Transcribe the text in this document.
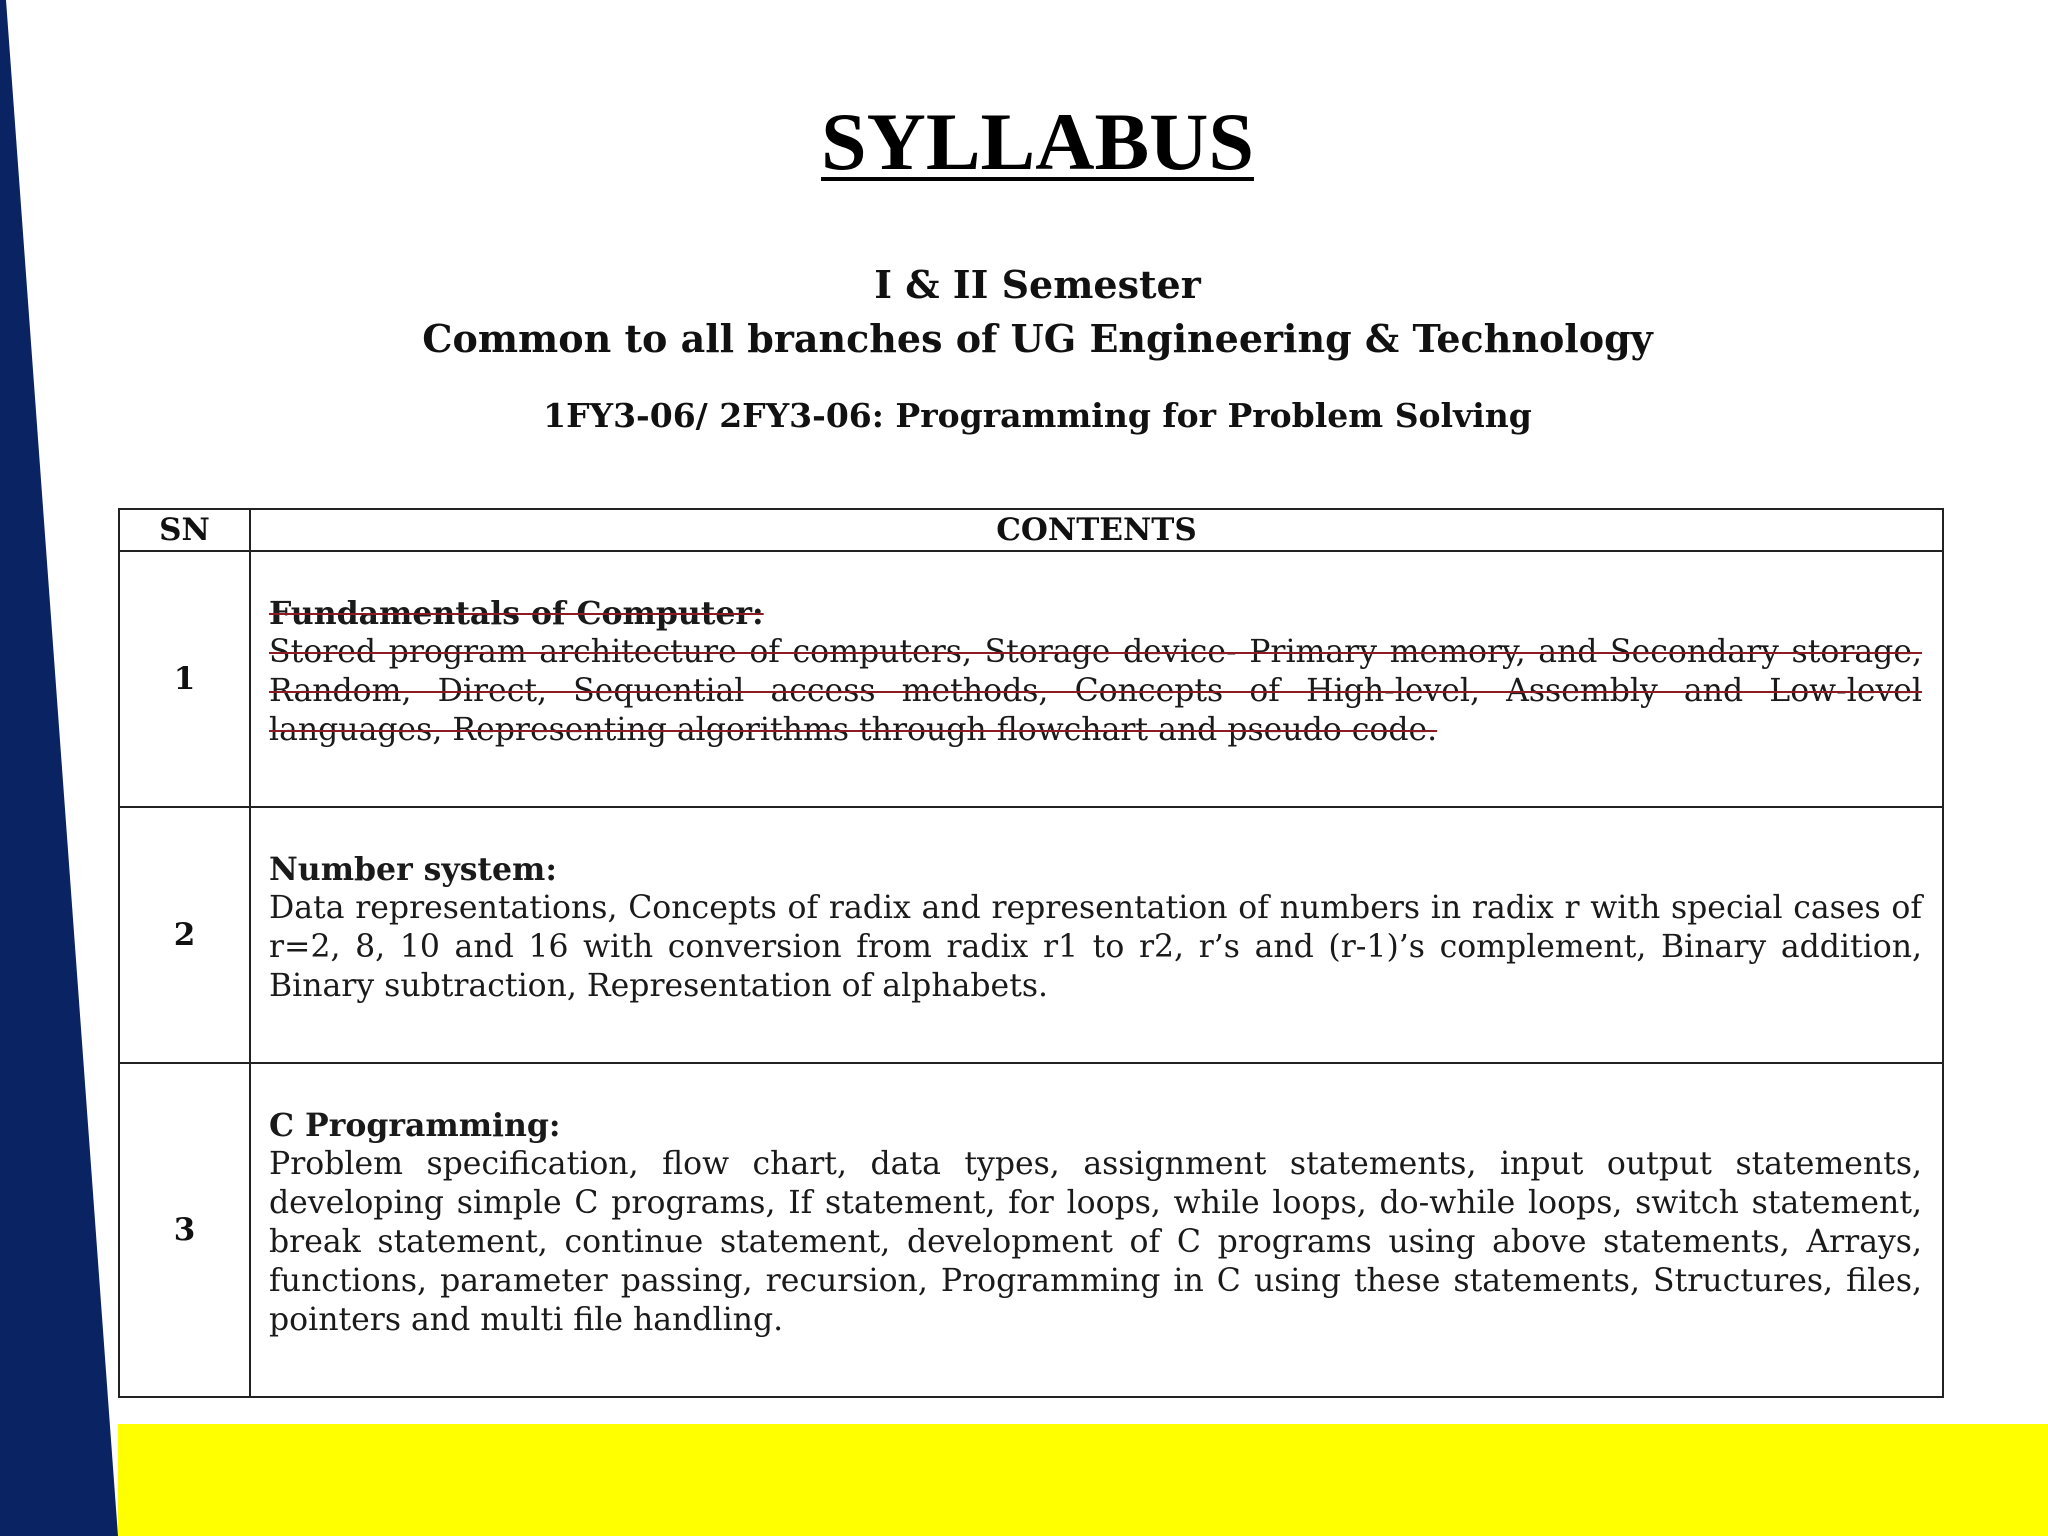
SYLLABUS

I & II Semester

Common to all branches of UG Engineering & Technology

1FY3-06/ 2FY3-06: Programming for Problem Solving

SN	CONTENTS
1	Fundamentals of Computer:
Stored program architecture of computers, Storage device- Primary memory, and Secondary storage, Random, Direct, Sequential access methods, Concepts of High-level, Assembly and Low-level languages, Representing algorithms through flowchart and pseudo code.
2	Number system:
Data representations, Concepts of radix and representation of numbers in radix r with special cases of r=2, 8, 10 and 16 with conversion from radix r1 to r2, r’s and (r-1)’s complement, Binary addition, Binary subtraction, Representation of alphabets.
3	C Programming:
Problem specification, flow chart, data types, assignment statements, input output statements, developing simple C programs, If statement, for loops, while loops, do-while loops, switch statement, break statement, continue statement, development of C programs using above statements, Arrays, functions, parameter passing, recursion, Programming in C using these statements, Structures, files, pointers and multi file handling.
